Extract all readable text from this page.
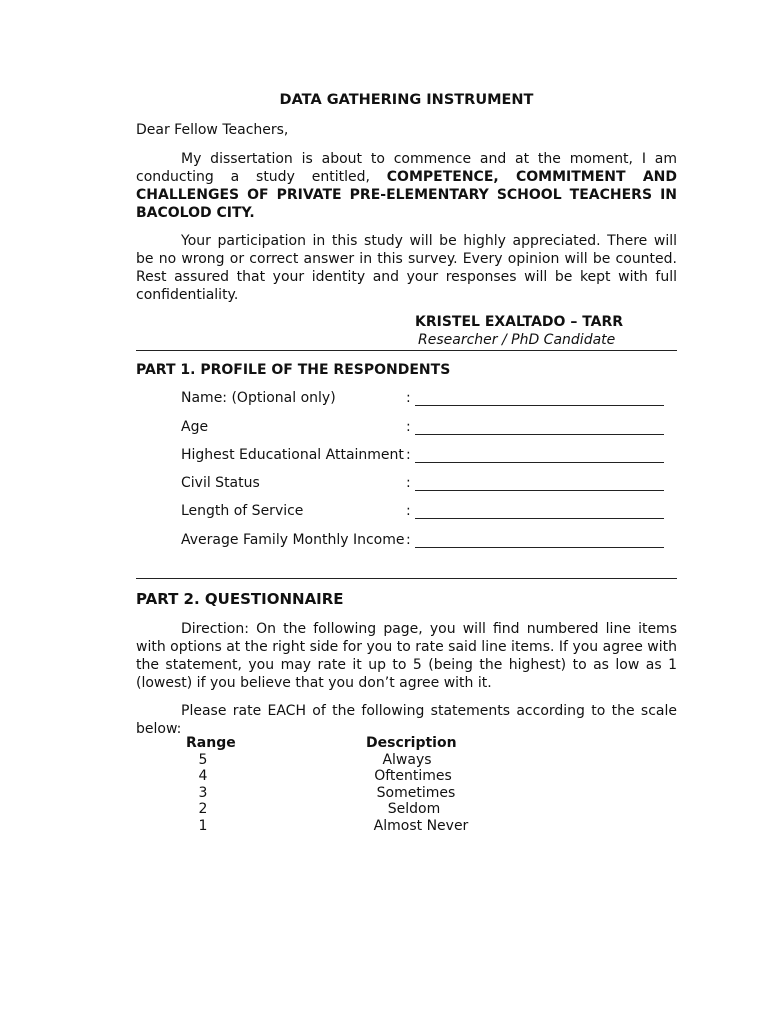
DATA GATHERING INSTRUMENT
Dear Fellow Teachers,
My dissertation is about to commence and at the moment, I am conducting a study entitled, COMPETENCE, COMMITMENT AND CHALLENGES OF PRIVATE PRE-ELEMENTARY SCHOOL TEACHERS IN BACOLOD CITY.
Your participation in this study will be highly appreciated. There will be no wrong or correct answer in this survey. Every opinion will be counted. Rest assured that your identity and your responses will be kept with full confidentiality.
KRISTEL EXALTADO – TARR
Researcher / PhD Candidate
PART 1. PROFILE OF THE RESPONDENTS
Name: (Optional only)	:
Age	:
Highest Educational Attainment :
Civil Status	:
Length of Service	:
Average Family Monthly Income :
PART 2. QUESTIONNAIRE
Direction: On the following page, you will find numbered line items with options at the right side for you to rate said line items. If you agree with the statement, you may rate it up to 5 (being the highest) to as low as 1 (lowest) if you believe that you don’t agree with it.
Please rate EACH of the following statements according to the scale below:
Range	Description
5	Always
4	Oftentimes
3	Sometimes
2	Seldom
1	Almost Never
